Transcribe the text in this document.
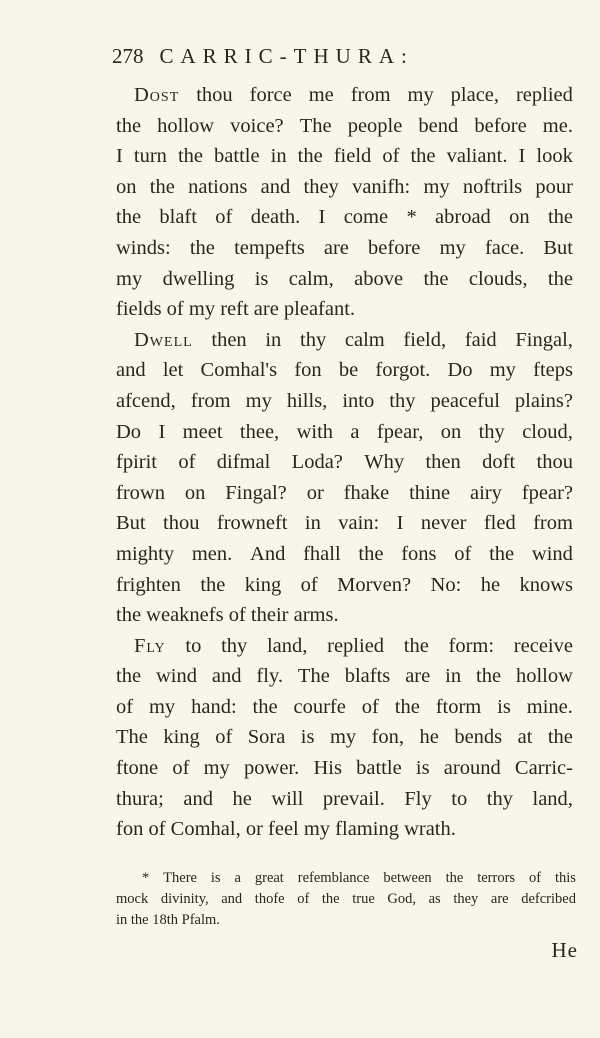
278 CARRIC-THURA:
Dost thou force me from my place, replied
the hollow voice? The people bend before me.
I turn the battle in the field of the valiant. I look
on the nations and they vanifh: my noftrils pour
the blaft of death. I come * abroad on the
winds: the tempefts are before my face. But
my dwelling is calm, above the clouds, the
fields of my reft are pleafant.
Dwell then in thy calm field, faid Fingal,
and let Comhal's fon be forgot. Do my fteps
afcend, from my hills, into thy peaceful plains?
Do I meet thee, with a fpear, on thy cloud,
fpirit of difmal Loda? Why then doft thou
frown on Fingal? or fhake thine airy fpear?
But thou frowneft in vain: I never fled from
mighty men. And fhall the fons of the wind
frighten the king of Morven? No: he knows
the weaknefs of their arms.
Fly to thy land, replied the form: receive
the wind and fly. The blafts are in the hollow
of my hand: the courfe of the ftorm is mine.
The king of Sora is my fon, he bends at the
ftone of my power. His battle is around Carric-
thura; and he will prevail. Fly to thy land,
fon of Comhal, or feel my flaming wrath.
* There is a great refemblance between the terrors of this
mock divinity, and thofe of the true God, as they are defcribed
in the 18th Pfalm.
He
